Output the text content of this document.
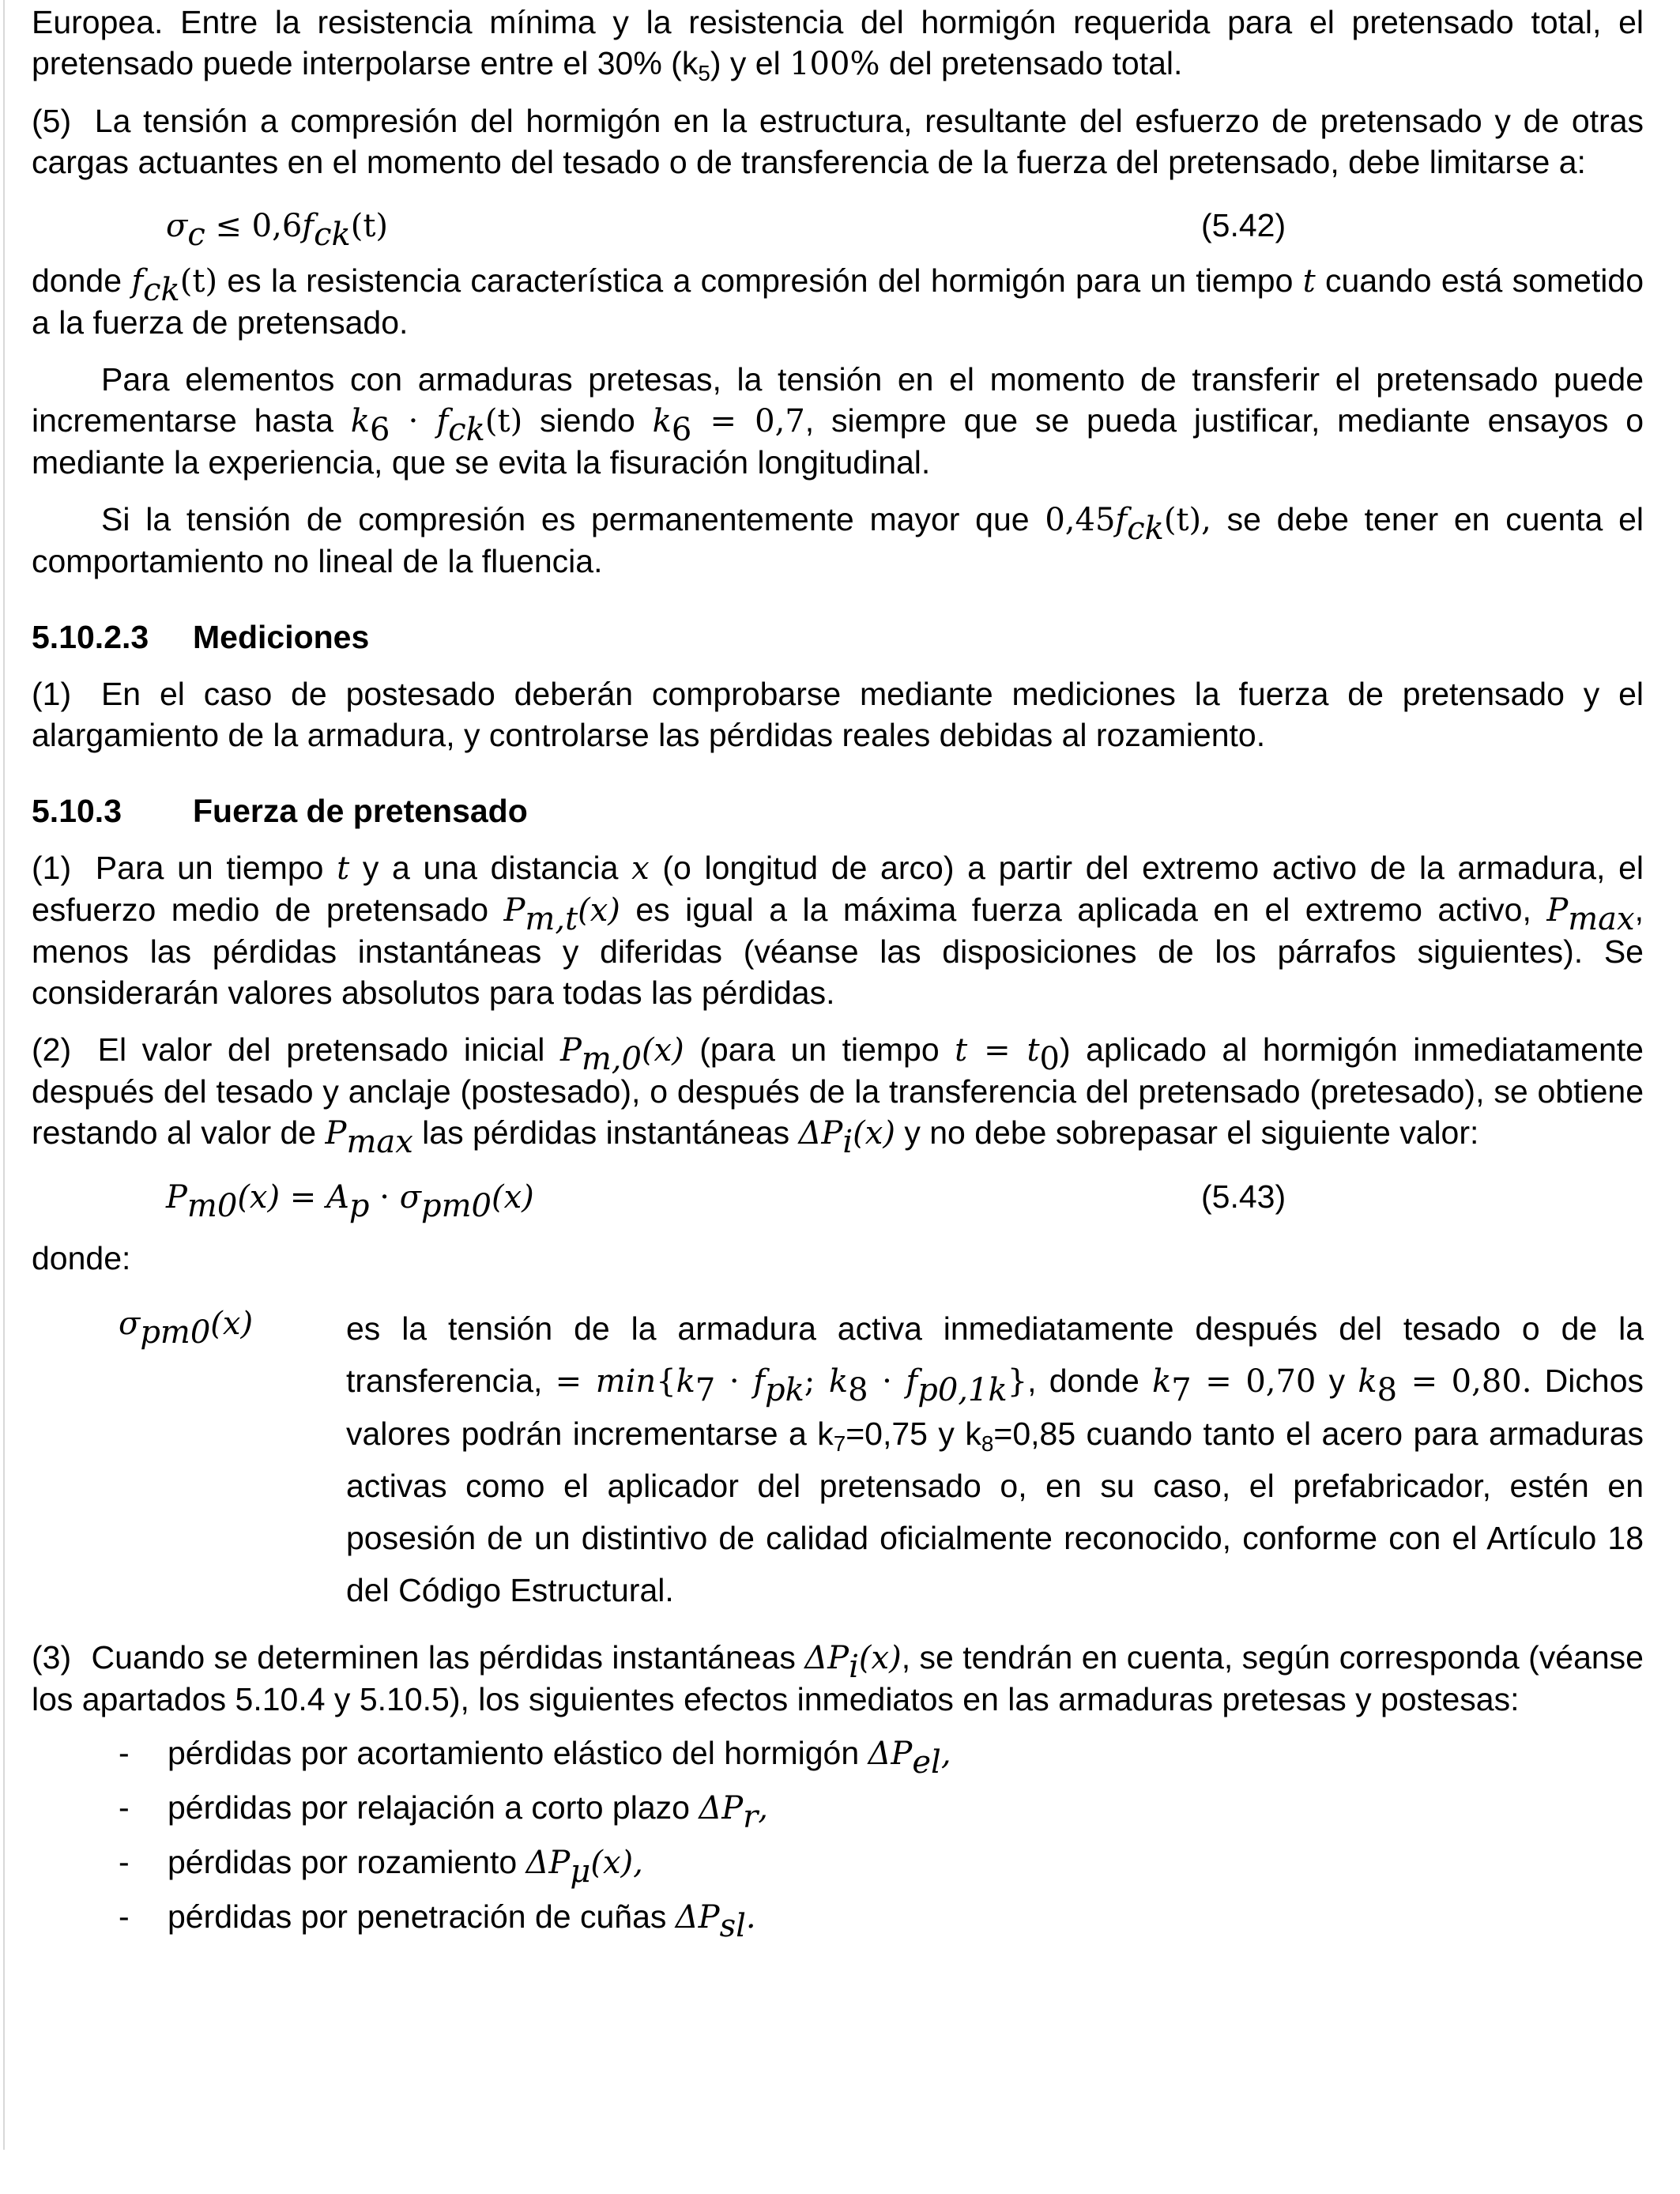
Europea. Entre la resistencia mínima y la resistencia del hormigón requerida para el pretensado total, el pretensado puede interpolarse entre el 30% $(k_5)$ y el 100% del pretensado total.

(5) La tensión a compresión del hormigón en la estructura, resultante del esfuerzo de pretensado y de otras cargas actuantes en el momento del tesado o de transferencia de la fuerza del pretensado, debe limitarse a:

$\sigma_c \le 0,6f_{ck}(t)$	(5.42)

donde $f_{ck}(t)$ es la resistencia característica a compresión del hormigón para un tiempo t cuando está sometido a la fuerza de pretensado.

Para elementos con armaduras pretesas, la tensión en el momento de transferir el pretensado puede incrementarse hasta $k_6 \cdot f_{ck}(t)$ siendo $k_6 = 0,7$, siempre que se pueda justificar, mediante ensayos o mediante la experiencia, que se evita la fisuración longitudinal.

Si la tensión de compresión es permanentemente mayor que $0,45f_{ck}(t)$, se debe tener en cuenta el comportamiento no lineal de la fluencia.

5.10.2.3 Mediciones

(1) En el caso de postesado deberán comprobarse mediante mediciones la fuerza de pretensado y el alargamiento de la armadura, y controlarse las pérdidas reales debidas al rozamiento.

5.10.3 Fuerza de pretensado

(1) Para un tiempo t y a una distancia x (o longitud de arco) a partir del extremo activo de la armadura, el esfuerzo medio de pretensado $P_{m,t}(x)$ es igual a la máxima fuerza aplicada en el extremo activo, $P_{max}$, menos las pérdidas instantáneas y diferidas (véanse las disposiciones de los párrafos siguientes). Se considerarán valores absolutos para todas las pérdidas.

(2) El valor del pretensado inicial $P_{m,0}(x)$ (para un tiempo $t = t_0$) aplicado al hormigón inmediatamente después del tesado y anclaje (postesado), o después de la transferencia del pretensado (pretesado), se obtiene restando al valor de $P_{max}$ las pérdidas instantáneas $\Delta P_i(x)$ y no debe sobrepasar el siguiente valor:

$P_{m0}(x) = A_p \cdot \sigma_{pm0}(x)$	(5.43)

donde:

$\sigma_{pm0}(x)$	es la tensión de la armadura activa inmediatamente después del tesado o de la transferencia, = $\min\{k_7 \cdot f_{pk}$; $k_8 \cdot f_{p0,1k}$}, donde $k_7 = 0,70$ y $k_8 = 0,80$. Dichos valores podrán incrementarse a $k_7=0,75$ y $k_8=0,85$ cuando tanto el acero para armaduras activas como el aplicador del pretensado o, en su caso, el prefabricador, estén en posesión de un distintivo de calidad oficialmente reconocido, conforme con el Artículo 18 del Código Estructural.

(3) Cuando se determinen las pérdidas instantáneas $\Delta P_i(x)$, se tendrán en cuenta, según corresponda (véanse los apartados 5.10.4 y 5.10.5), los siguientes efectos inmediatos en las armaduras pretesas y postesas:

-	pérdidas por acortamiento elástico del hormigón $\Delta P_{el}$,
-	pérdidas por relajación a corto plazo $\Delta P_r$,
-	pérdidas por rozamiento $\Delta P_\mu(x)$,
-	pérdidas por penetración de cuñas $\Delta P_{sl}$.
